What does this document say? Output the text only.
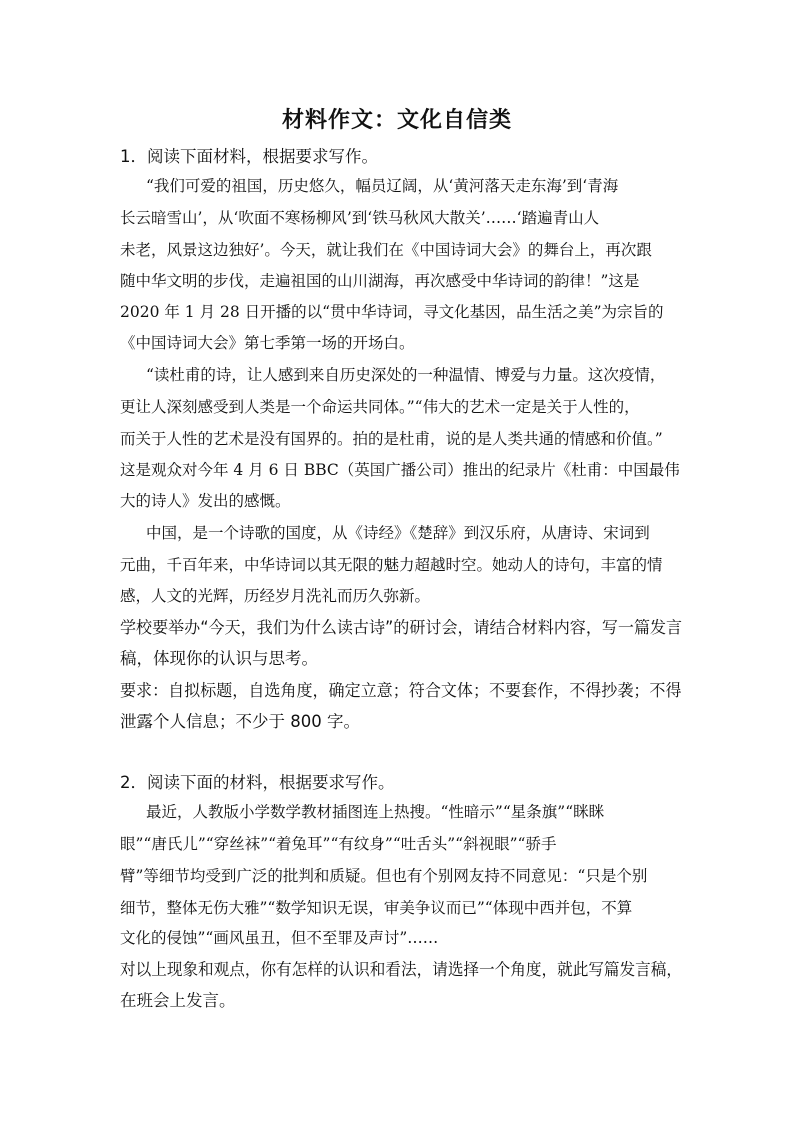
材料作文：文化自信类
1．阅读下面材料，根据要求写作。
“我们可爱的祖国，历史悠久，幅员辽阔，从‘黄河落天走东海’到‘青海
长云暗雪山’，从‘吹面不寒杨柳风’到‘铁马秋风大散关’……‘踏遍青山人
未老，风景这边独好’。今天，就让我们在《中国诗词大会》的舞台上，再次跟
随中华文明的步伐，走遍祖国的山川湖海，再次感受中华诗词的韵律！”这是
2020 年 1 月 28 日开播的以“贯中华诗词，寻文化基因，品生活之美”为宗旨的
《中国诗词大会》第七季第一场的开场白。
“读杜甫的诗，让人感到来自历史深处的一种温情、博爱与力量。这次疫情，
更让人深刻感受到人类是一个命运共同体。”“伟大的艺术一定是关于人性的，
而关于人性的艺术是没有国界的。拍的是杜甫，说的是人类共通的情感和价值。”
这是观众对今年 4 月 6 日 BBC（英国广播公司）推出的纪录片《杜甫：中国最伟
大的诗人》发出的感慨。
中国，是一个诗歌的国度，从《诗经》《楚辞》到汉乐府，从唐诗、宋词到
元曲，千百年来，中华诗词以其无限的魅力超越时空。她动人的诗句，丰富的情
感，人文的光辉，历经岁月洗礼而历久弥新。
学校要举办“今天，我们为什么读古诗”的研讨会，请结合材料内容，写一篇发言
稿，体现你的认识与思考。
要求：自拟标题，自选角度，确定立意；符合文体；不要套作，不得抄袭；不得
泄露个人信息；不少于 800 字。
2．阅读下面的材料，根据要求写作。
最近，人教版小学数学教材插图连上热搜。“性暗示”“星条旗”“眯眯
眼”“唐氏儿”“穿丝袜”“着兔耳”“有纹身”“吐舌头”“斜视眼”“骄手
臂”等细节均受到广泛的批判和质疑。但也有个别网友持不同意见：“只是个别
细节，整体无伤大雅”“数学知识无误，审美争议而已”“体现中西并包，不算
文化的侵蚀”“画风虽丑，但不至罪及声讨”……
对以上现象和观点，你有怎样的认识和看法，请选择一个角度，就此写篇发言稿，
在班会上发言。
